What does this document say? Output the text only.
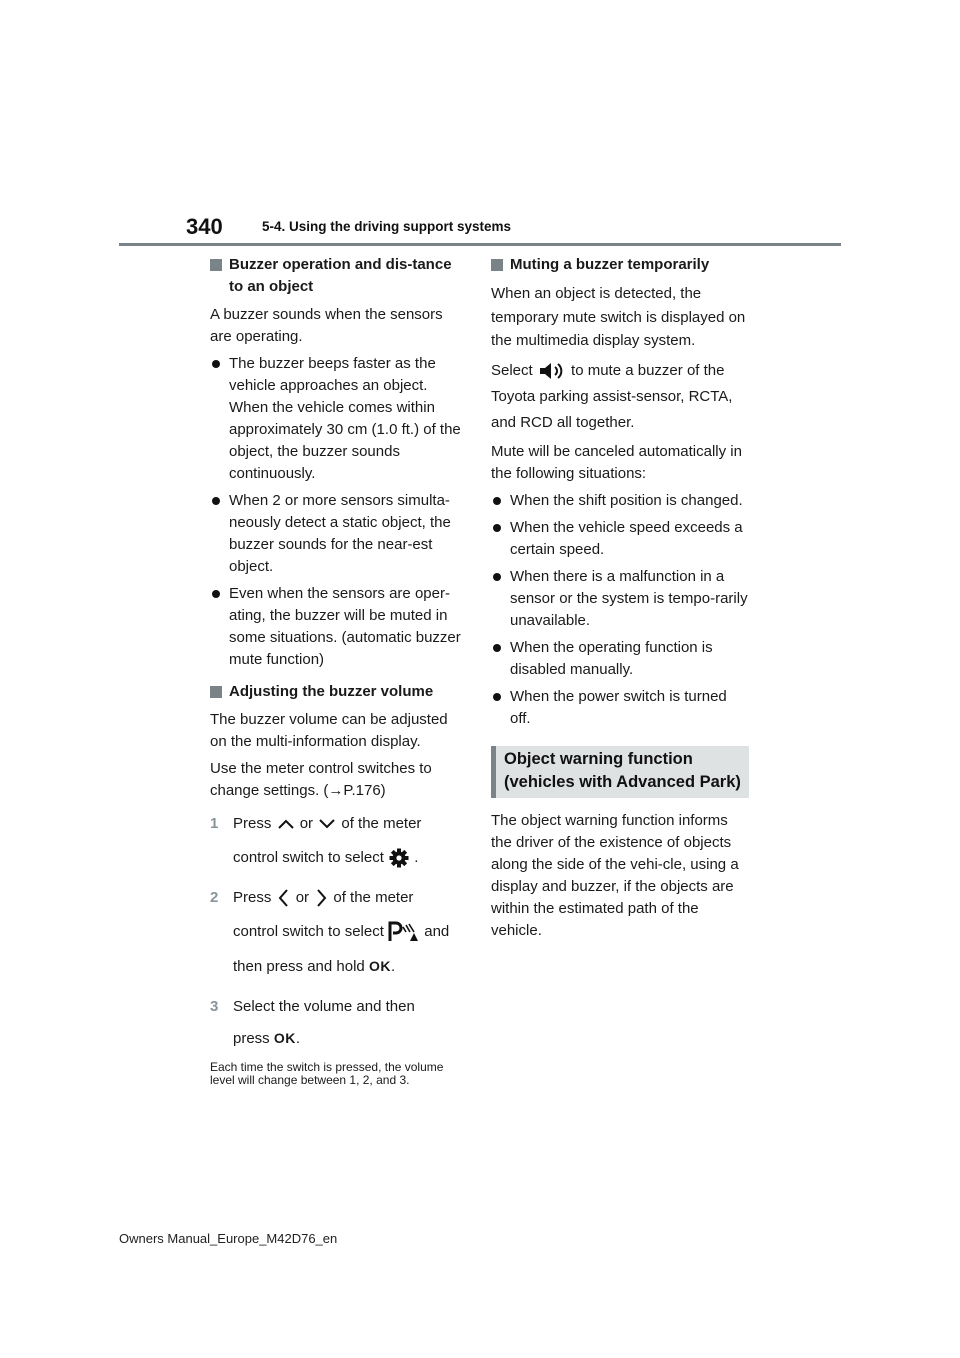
340	5-4. Using the driving support systems
Buzzer operation and dis-tance to an object

A buzzer sounds when the sensors are operating.

The buzzer beeps faster as the vehicle approaches an object. When the vehicle comes within approximately 30 cm (1.0 ft.) of the object, the buzzer sounds continuously.
When 2 or more sensors simulta-neously detect a static object, the buzzer sounds for the near-est object.
Even when the sensors are oper-ating, the buzzer will be muted in some situations. (automatic buzzer mute function)
Adjusting the buzzer volume

The buzzer volume can be adjusted on the multi-information display.

Use the meter control switches to change settings. (→P.176)

1 Press or of the meter
control switch to select .
2 Press or of the meter
control switch to select	and
then press and hold OK.
3 Select the volume and then
press OK.
Each time the switch is pressed, the volume level will change between 1, 2, and 3.
Muting a buzzer temporarily

When an object is detected, the temporary mute switch is displayed on the multimedia display system.

Select	to mute a buzzer of the Toyota parking assist-sensor, RCTA, and RCD all together.

Mute will be canceled automatically in the following situations:

When the shift position is changed.
When the vehicle speed exceeds a certain speed.
When there is a malfunction in a sensor or the system is tempo-rarily unavailable.
When the operating function is disabled manually.
When the power switch is turned off.
Object warning function (vehicles with Advanced Park)

The object warning function informs the driver of the existence of objects along the side of the vehi-cle, using a display and buzzer, if the objects are within the estimated path of the vehicle.

Owners Manual_Europe_M42D76_en
